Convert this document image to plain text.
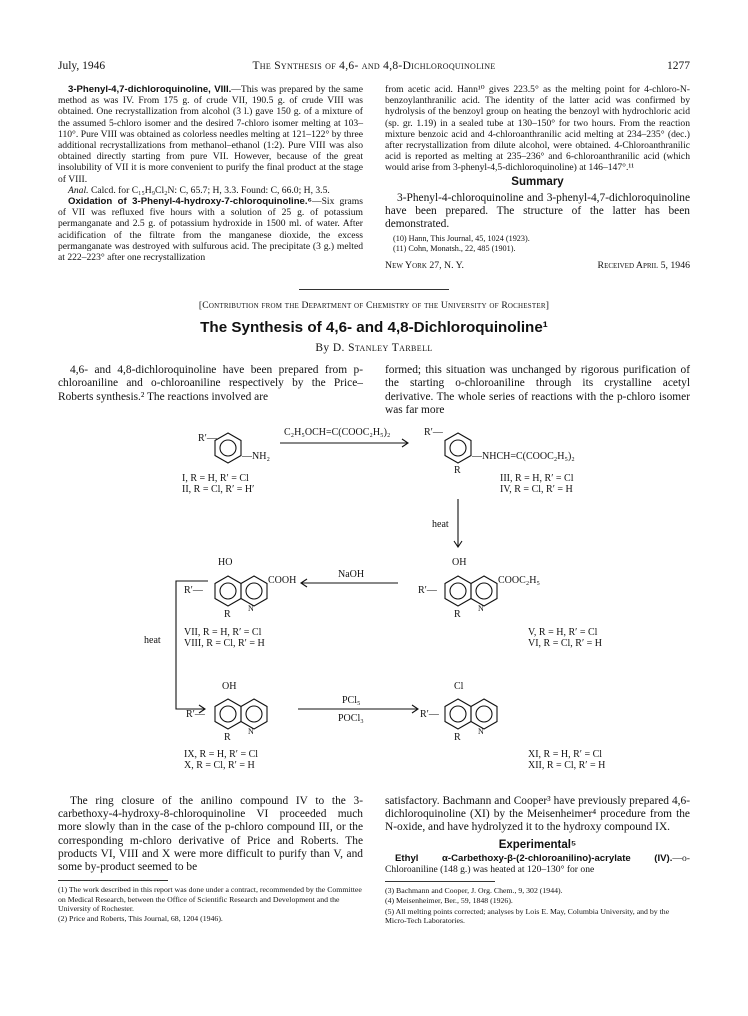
July, 1946	The Synthesis of 4,6- and 4,8-Dichloroquinoline	1277

3-Phenyl-4,7-dichloroquinoline, VIII.—This was prepared by the same method as was IV. From 175 g. of crude VII, 190.5 g. of crude VIII was obtained. One recrystallization from alcohol (3 l.) gave 150 g. of a mixture of the assumed 5-chloro isomer and the desired 7-chloro isomer melting at 103–110°. Pure VIII was obtained as colorless needles melting at 121–122° by three additional recrystallizations from methanol–ethanol (1:2). Pure VIII was also obtained directly starting from pure VII. However, because of the great insolubility of VII it is more convenient to purify the final product at the stage of VIII.

Anal. Calcd. for C₁₅H₉Cl₂N: C, 65.7; H, 3.3. Found: C, 66.0; H, 3.5.

Oxidation of 3-Phenyl-4-hydroxy-7-chloroquinoline.⁶—Six grams of VII was refluxed five hours with a solution of 25 g. of potassium permanganate and 2.5 g. of potassium hydroxide in 1500 ml. of water. After acidification of the filtrate from the manganese dioxide, the excess permanganate was destroyed with sulfurous acid. The precipitate (3 g.) melted at 222–223° after one recrystallization

from acetic acid. Hann¹⁰ gives 223.5° as the melting point for 4-chloro-N-benzoylanthranilic acid. The identity of the latter acid was confirmed by hydrolysis of the benzoyl group on heating the benzoyl with hydrochloric acid (sp. gr. 1.19) in a sealed tube at 130–150° for two hours. From the reaction mixture benzoic acid and 4-chloroanthranilic acid melting at 234–235° (dec.) after recrystallization from dilute alcohol, were obtained. 4-Chloroanthranilic acid is reported as melting at 235–236° and 6-chloroanthranilic acid (which would arise from 3-phenyl-4,5-dichloroquinoline) at 146–147°.¹¹

Summary

3-Phenyl-4-chloroquinoline and 3-phenyl-4,7-dichloroquinoline have been prepared. The structure of the latter has been demonstrated.

(10) Hann, This Journal, 45, 1024 (1923).
(11) Cohn, Monatsh., 22, 485 (1901).
New York 27, N. Y.	Received April 5, 1946
[Contribution from the Department of Chemistry of the University of Rochester]
The Synthesis of 4,6- and 4,8-Dichloroquinoline¹
By D. Stanley Tarbell

4,6- and 4,8-dichloroquinoline have been prepared from p-chloroaniline and o-chloroaniline respectively by the Price–Roberts synthesis.² The reactions involved are

formed; this situation was unchanged by rigorous purification of the starting o-chloroaniline through its crystalline acetyl derivative. The whole series of reactions with the p-chloro isomer was far more

R′—
—NH₂
C₂H₅OCH=C(COOC₂H₅)₂	R′—
—NHCH=C(COOC₂H₅)₂
R
I, R = H, R′ = Cl
II, R = Cl, R′ = H′
III, R = H, R′ = Cl
IV, R = Cl, R′ = H
heat
HO
R′—
COOH
N
R
NaOH
OH
R′—
COOC₂H₅
N
R
heat
VII, R = H, R′ = Cl
VIII, R = Cl, R′ = H
V, R = H, R′ = Cl
VI, R = Cl, R′ = H
OH
R′—
N
R
PCl₅
POCl₃
Cl
R′—
N
R
IX, R = H, R′ = Cl
X, R = Cl, R′ = H
XI, R = H, R′ = Cl
XII, R = Cl, R′ = H

The ring closure of the anilino compound IV to the 3-carbethoxy-4-hydroxy-8-chloroquinoline VI proceeded much more slowly than in the case of the p-chloro compound III, or the corresponding m-chloro derivative of Price and Roberts. The products VI, VIII and X were more difficult to purify than V, and some by-product seemed to be

(1) The work described in this report was done under a contract, recommended by the Committee on Medical Research, between the Office of Scientific Research and Development and the University of Rochester.
(2) Price and Roberts, This Journal, 68, 1204 (1946).

satisfactory. Bachmann and Cooper³ have previously prepared 4,6-dichloroquinoline (XI) by the Meisenheimer⁴ procedure from the N-oxide, and have hydrolyzed it to the hydroxy compound IX.

Experimental⁵

Ethyl α-Carbethoxy-β-(2-chloroanilino)-acrylate (IV).—o-Chloroaniline (148 g.) was heated at 120–130° for one

(3) Bachmann and Cooper, J. Org. Chem., 9, 302 (1944).
(4) Meisenheimer, Ber., 59, 1848 (1926).
(5) All melting points corrected; analyses by Lois E. May, Columbia University, and by the Micro-Tech Laboratories.
